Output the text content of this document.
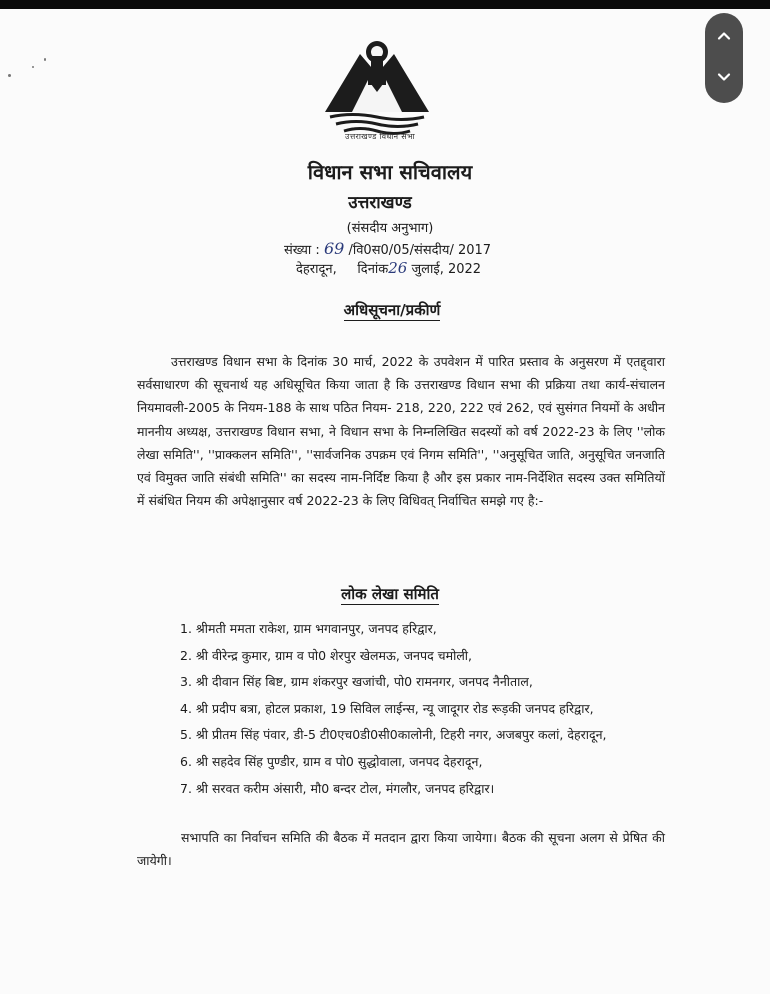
उत्तराखण्ड विधान सभा
विधान सभा सचिवालय
उत्तराखण्ड
(संसदीय अनुभाग)
संख्या : 69 /वि0स0/05/संसदीय/ 2017
देहरादून, दिनांक26 जुलाई, 2022
अधिसूचना/प्रकीर्ण

उत्तराखण्ड विधान सभा के दिनांक 30 मार्च, 2022 के उपवेशन में पारित प्रस्ताव के अनुसरण में एतद्द्वारा सर्वसाधारण की सूचनार्थ यह अधिसूचित किया जाता है कि उत्तराखण्ड विधान सभा की प्रक्रिया तथा कार्य-संचालन नियमावली-2005 के नियम-188 के साथ पठित नियम- 218, 220, 222 एवं 262, एवं सुसंगत नियमों के अधीन माननीय अध्यक्ष, उत्तराखण्ड विधान सभा, ने विधान सभा के निम्नलिखित सदस्यों को वर्ष 2022-23 के लिए ''लोक लेखा समिति'', ''प्राक्कलन समिति'', ''सार्वजनिक उपक्रम एवं निगम समिति'', ''अनुसूचित जाति, अनुसूचित जनजाति एवं विमुक्त जाति संबंधी समिति'' का सदस्य नाम-निर्दिष्ट किया है और इस प्रकार नाम-निर्देशित सदस्य उक्त समितियों में संबंधित नियम की अपेक्षानुसार वर्ष 2022-23 के लिए विधिवत् निर्वाचित समझे गए है:-

लोक लेखा समिति
1. श्रीमती ममता राकेश, ग्राम भगवानपुर, जनपद हरिद्वार,
2. श्री वीरेन्द्र कुमार, ग्राम व पो0 शेरपुर खेलमऊ, जनपद चमोली,
3. श्री दीवान सिंह बिष्ट, ग्राम शंकरपुर खजांची, पो0 रामनगर, जनपद नैनीताल,
4. श्री प्रदीप बत्रा, होटल प्रकाश, 19 सिविल लाईन्स, न्यू जादूगर रोड रूड़की जनपद हरिद्वार,
5. श्री प्रीतम सिंह पंवार, डी-5 टी0एच0डी0सी0कालोनी, टिहरी नगर, अजबपुर कलां, देहरादून,
6. श्री सहदेव सिंह पुण्डीर, ग्राम व पो0 सुद्धोवाला, जनपद देहरादून,
7. श्री सरवत करीम अंसारी, मौ0 बन्दर टोल, मंगलौर, जनपद हरिद्वार।

सभापति का निर्वाचन समिति की बैठक में मतदान द्वारा किया जायेगा। बैठक की सूचना अलग से प्रेषित की जायेगी।
